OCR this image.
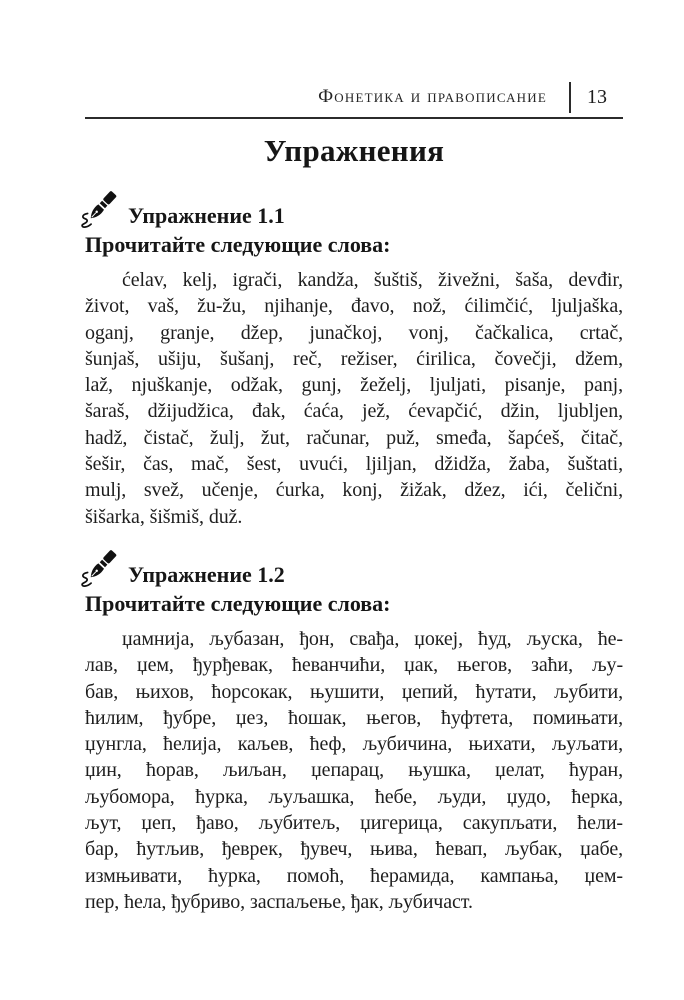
Фонетика и правописание	13
Упражнения
Упражнение 1.1
Прочитайте следующие слова:
ćelav, kelj, igrači, kandža, šuštiš, živežni, šaša, devđir,
život, vaš, žu-žu, njihanje, đavo, nož, ćilimčić, ljuljaška,
oganj, granje, džep, junačkoj, vonj, čačkalica, crtač,
šunjaš, ušiju, šušanj, reč, režiser, ćirilica, čovečji, džem,
laž, njuškanje, odžak, gunj, žeželj, ljuljati, pisanje, panj,
šaraš, džijudžica, đak, ćaća, jež, ćevapčić, džin, ljubljen,
hadž, čistač, žulj, žut, računar, puž, smeđa, šapćeš, čitač,
šešir, čas, mač, šest, uvući, ljiljan, džidža, žaba, šuštati,
mulj, svež, učenje, ćurka, konj, žižak, džez, ići, čelični,
šišarka, šišmiš, duž.
Упражнение 1.2
Прочитайте следующие слова:
џамнија, љубазан, ђон, свађа, џокеј, ћуд, љуска, ће-
лав, џем, ђурђевак, ћеванчићи, џак, његов, заћи, љу-
бав, њихов, ћорсокак, њушити, џепий, ћутати, љубити,
ћилим, ђубре, џез, ћошак, његов, ћуфтета, помињати,
џунгла, ћелија, каљев, ћеф, љубичина, њихати, љуљати,
џин, ћорав, љиљан, џепарац, њушка, џелат, ћуран,
љубомора, ћурка, љуљашка, ћебе, људи, џудо, ћерка,
љут, џеп, ђаво, љубитељ, џигерица, сакупљати, ћели-
бар, ћутљив, ђеврек, ђувеч, њива, ћевап, љубак, џабе,
измњивати, ћурка, помоћ, ћерамида, кампања, џем-
пер, ћела, ђубриво, заспаљење, ђак, љубичаст.
